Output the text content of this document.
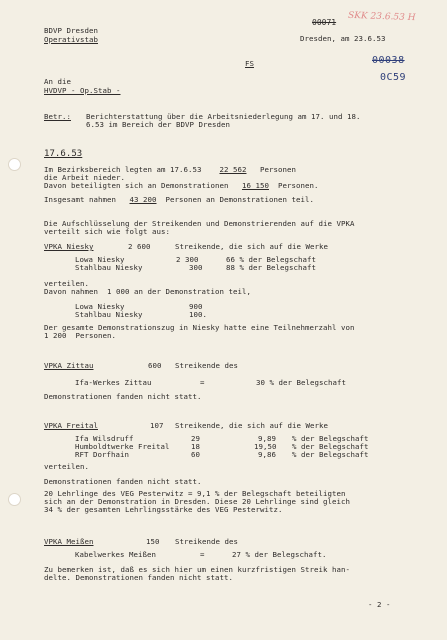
BDVP Dresden
Operativstab	Dresden, am 23.6.53
00071 SKK 23.6.53 H
00038
0C59
FS
An die
HVDVP - Op.Stab -
Betr.: Berichterstattung über die Arbeitsniederlegung am 17. und 18.
6.53 im Bereich der BDVP Dresden
17.6.53
Im Bezirksbereich legten am 17.6.53 22 562 Personen
die Arbeit nieder.
Davon beteiligten sich an Demonstrationen 16 150 Personen.
Insgesamt nahmen 43 200 Personen an Demonstrationen teil.
Die Aufschlüsselung der Streikenden und Demonstrierenden auf die VPKA
verteilt sich wie folgt aus:
VPKA Niesky	2 600	Streikende, die sich auf die Werke
Lowa Niesky	2 300	66 % der Belegschaft
Stahlbau Niesky	300	88 % der Belegschaft
verteilen.
Davon nahmen  1 000 an der Demonstration teil,
Lowa Niesky	900
Stahlbau Niesky	100.
Der gesamte Demonstrationszug in Niesky hatte eine Teilnehmerzahl von
1 200  Personen.
VPKA Zittau	600 Streikende des
Ifa-Werkes Zittau	=	30 % der Belegschaft
Demonstrationen fanden nicht statt.
VPKA Freital	107 Streikende, die sich auf die Werke
Ifa Wilsdruff	29	9,89 % der Belegschaft
Humboldtwerke Freital	18	19,50 % der Belegschaft
RFT Dorfhain	60	9,86 % der Belegschaft
verteilen.
Demonstrationen fanden nicht statt.
20 Lehrlinge des VEG Pesterwitz = 9,1 % der Belegschaft beteiligten
sich an der Demonstration in Dresden. Diese 20 Lehrlinge sind gleich
34 % der gesamten Lehrlingsstärke des VEG Pesterwitz.
VPKA Meißen	150 Streikende des
Kabelwerkes Meißen	=	27 % der Belegschaft.
Zu bemerken ist, daß es sich hier um einen kurzfristigen Streik han-
delte. Demonstrationen fanden nicht statt.
- 2 -
